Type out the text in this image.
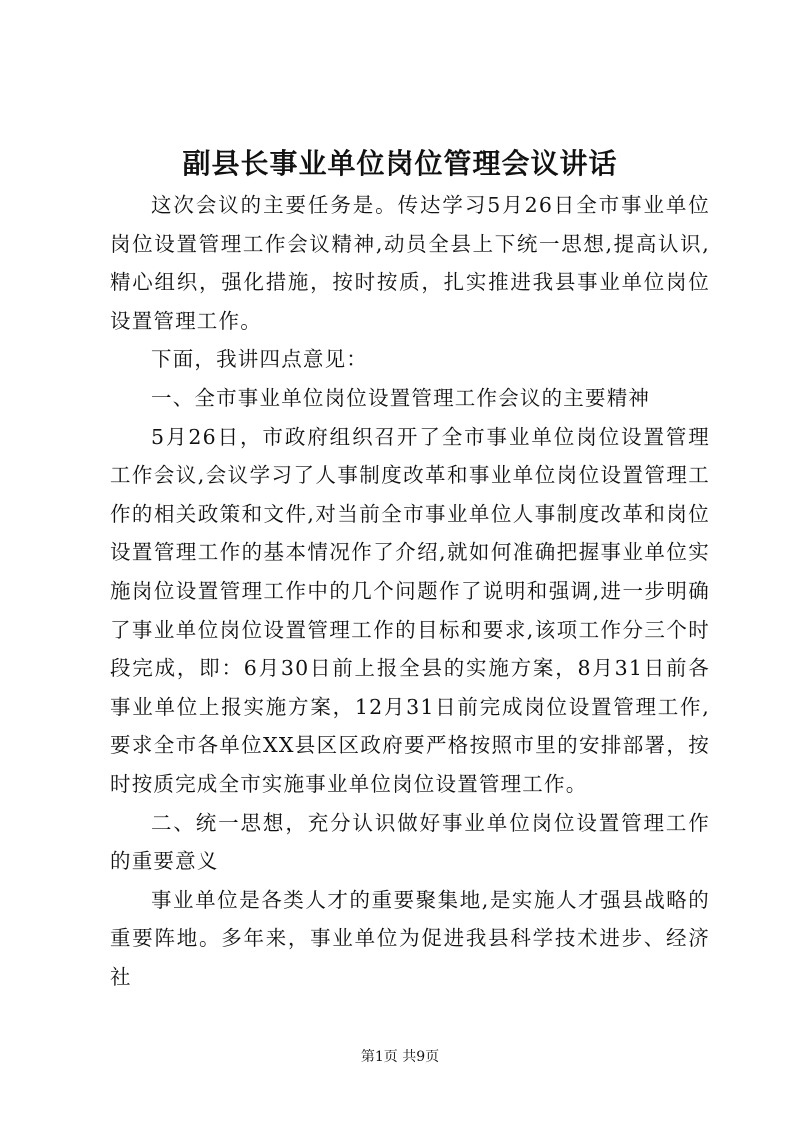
副县长事业单位岗位管理会议讲话

这次会议的主要任务是。传达学习5月26日全市事业单位岗位设置管理工作会议精神,动员全县上下统一思想,提高认识,精心组织，强化措施，按时按质，扎实推进我县事业单位岗位设置管理工作。

下面，我讲四点意见：

一、全市事业单位岗位设置管理工作会议的主要精神

5月26日，市政府组织召开了全市事业单位岗位设置管理工作会议,会议学习了人事制度改革和事业单位岗位设置管理工作的相关政策和文件,对当前全市事业单位人事制度改革和岗位设置管理工作的基本情况作了介绍,就如何准确把握事业单位实施岗位设置管理工作中的几个问题作了说明和强调,进一步明确了事业单位岗位设置管理工作的目标和要求,该项工作分三个时段完成，即：6月30日前上报全县的实施方案，8月31日前各事业单位上报实施方案，12月31日前完成岗位设置管理工作,要求全市各单位XX县区区政府要严格按照市里的安排部署，按时按质完成全市实施事业单位岗位设置管理工作。

二、统一思想，充分认识做好事业单位岗位设置管理工作的重要意义

事业单位是各类人才的重要聚集地,是实施人才强县战略的重要阵地。多年来，事业单位为促进我县科学技术进步、经济社

第1页 共9页
